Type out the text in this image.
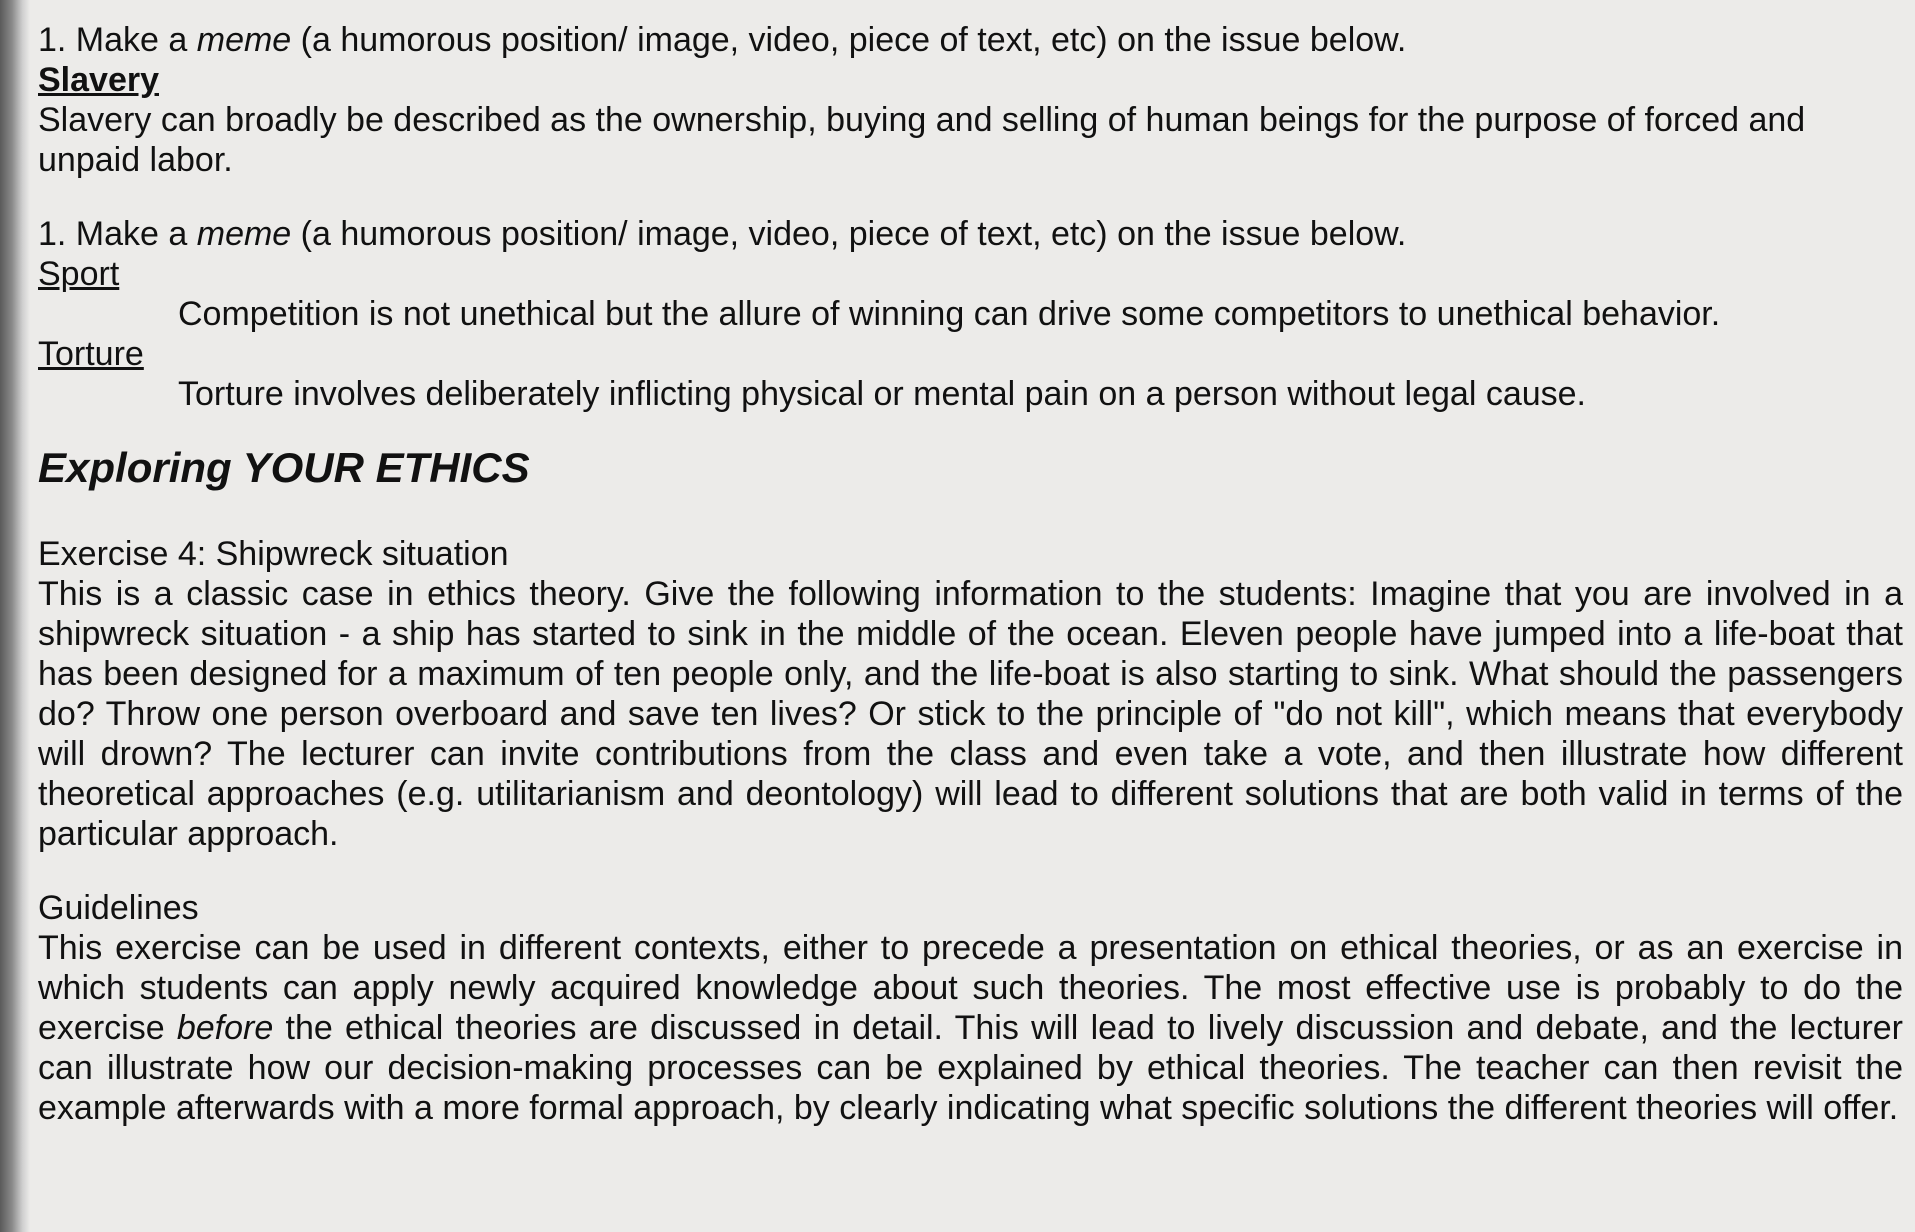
1. Make a meme (a humorous position/ image, video, piece of text, etc) on the issue below.

Slavery

Slavery can broadly be described as the ownership, buying and selling of human beings for the purpose of forced and unpaid labor.

1. Make a meme (a humorous position/ image, video, piece of text, etc) on the issue below.

Sport

Competition is not unethical but the allure of winning can drive some competitors to unethical behavior.

Torture

Torture involves deliberately inflicting physical or mental pain on a person without legal cause.

Exploring YOUR ETHICS

Exercise 4: Shipwreck situation

This is a classic case in ethics theory. Give the following information to the students: Imagine that you are involved in a shipwreck situation - a ship has started to sink in the middle of the ocean. Eleven people have jumped into a life-boat that has been designed for a maximum of ten people only, and the life-boat is also starting to sink. What should the passengers do? Throw one person overboard and save ten lives? Or stick to the principle of "do not kill", which means that everybody will drown? The lecturer can invite contributions from the class and even take a vote, and then illustrate how different theoretical approaches (e.g. utilitarianism and deontology) will lead to different solutions that are both valid in terms of the particular approach.

Guidelines

This exercise can be used in different contexts, either to precede a presentation on ethical theories, or as an exercise in which students can apply newly acquired knowledge about such theories. The most effective use is probably to do the exercise before the ethical theories are discussed in detail. This will lead to lively discussion and debate, and the lecturer can illustrate how our decision-making processes can be explained by ethical theories. The teacher can then revisit the example afterwards with a more formal approach, by clearly indicating what specific solutions the different theories will offer.
